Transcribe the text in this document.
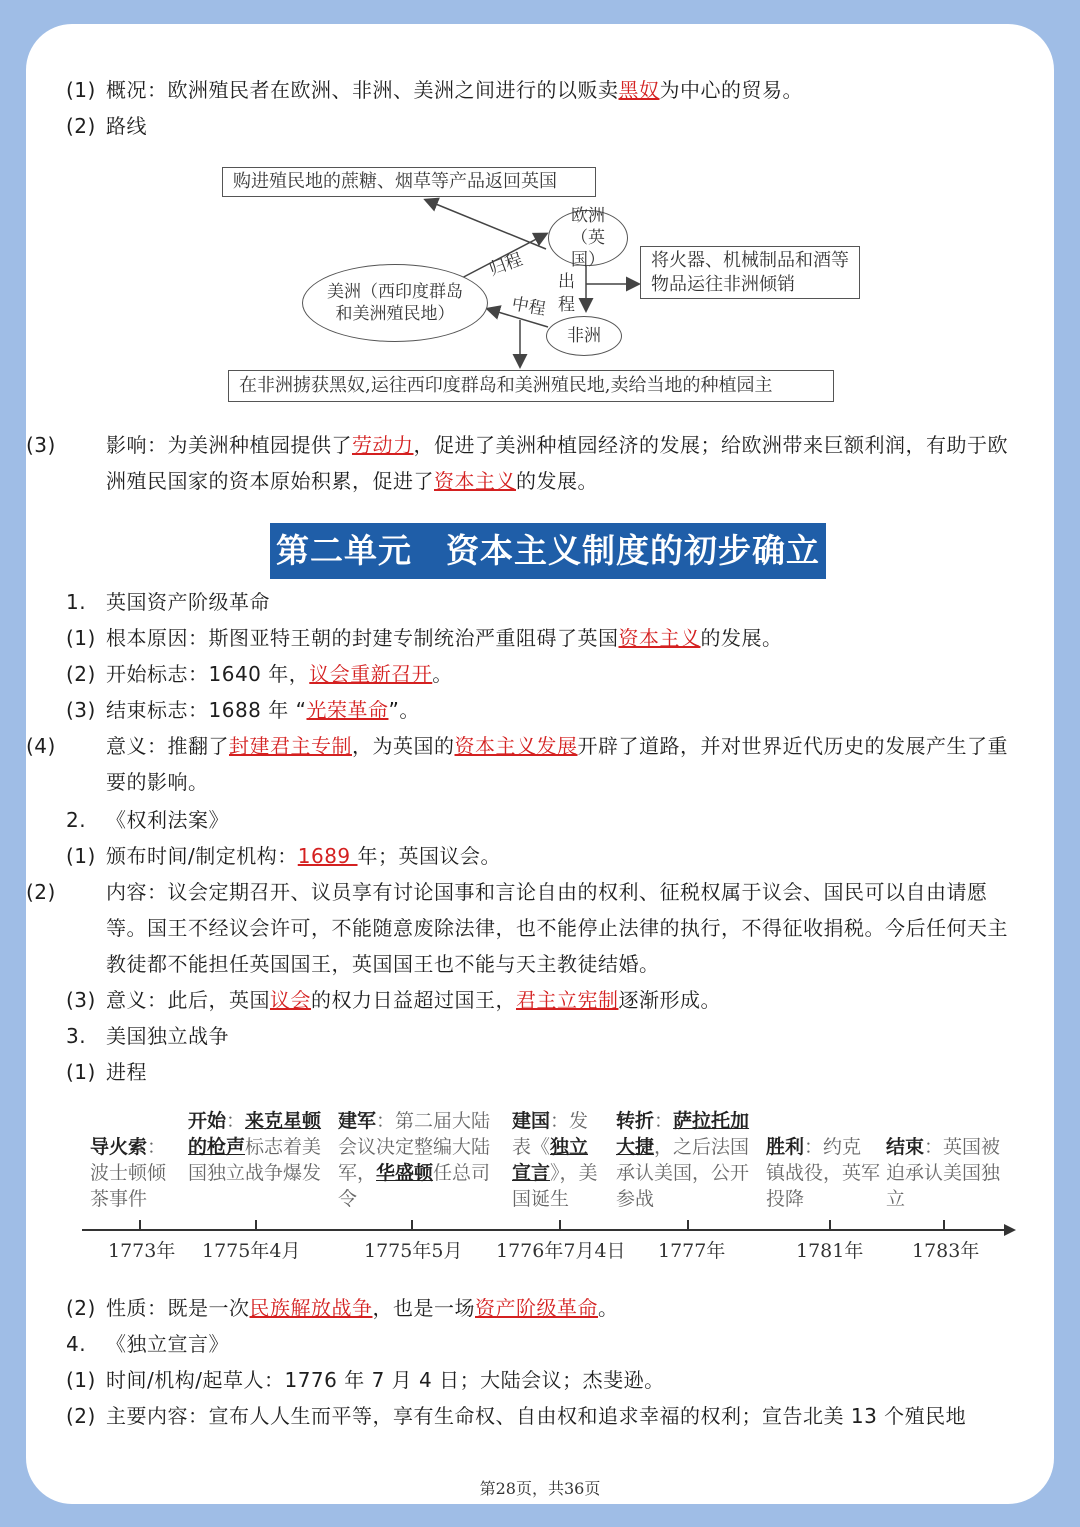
(1) 概况：欧洲殖民者在欧洲、非洲、美洲之间进行的以贩卖黑奴为中心的贸易。
(2) 路线
购进殖民地的蔗糖、烟草等产品返回英国
将火器、机械制品和酒等物品运往非洲倾销
在非洲掳获黑奴,运往西印度群岛和美洲殖民地,卖给当地的种植园主
欧洲（英国）
美洲（西印度群岛和美洲殖民地）
非洲
归程
出
程
中程
(3)	影响：为美洲种植园提供了劳动力，促进了美洲种植园经济的发展；给欧洲带来巨额利润，有助于欧洲殖民国家的资本原始积累，促进了资本主义的发展。
第二单元　资本主义制度的初步确立
1. 英国资产阶级革命
(1) 根本原因：斯图亚特王朝的封建专制统治严重阻碍了英国资本主义的发展。
(2) 开始标志：1640 年，议会重新召开。
(3) 结束标志：1688 年 “光荣革命”。
(4)	意义：推翻了封建君主专制，为英国的资本主义发展开辟了道路，并对世界近代历史的发展产生了重要的影响。
2. 《权利法案》
(1) 颁布时间/制定机构：1689 年；英国议会。
(2)	内容：议会定期召开、议员享有讨论国事和言论自由的权利、征税权属于议会、国民可以自由请愿等。国王不经议会许可，不能随意废除法律，也不能停止法律的执行，不得征收捐税。今后任何天主教徒都不能担任英国国王，英国国王也不能与天主教徒结婚。
(3) 意义：此后，英国议会的权力日益超过国王，君主立宪制逐渐形成。
3. 美国独立战争
(1) 进程
导火索：波士顿倾茶事件
开始：来克星顿的枪声标志着美国独立战争爆发
建军：第二届大陆会议决定整编大陆军，华盛顿任总司令
建国：发表《独立宣言》，美国诞生
转折：萨拉托加大捷，之后法国承认美国，公开参战
胜利：约克镇战役，英军投降
结束：英国被迫承认美国独立
1773年 1775年4月	1775年5月 1776年7月4日 1777年	1781年	1783年
(2) 性质：既是一次民族解放战争，也是一场资产阶级革命。
4. 《独立宣言》
(1) 时间/机构/起草人：1776 年 7 月 4 日；大陆会议；杰斐逊。
(2) 主要内容：宣布人人生而平等，享有生命权、自由权和追求幸福的权利；宣告北美 13 个殖民地
第28页，共36页
